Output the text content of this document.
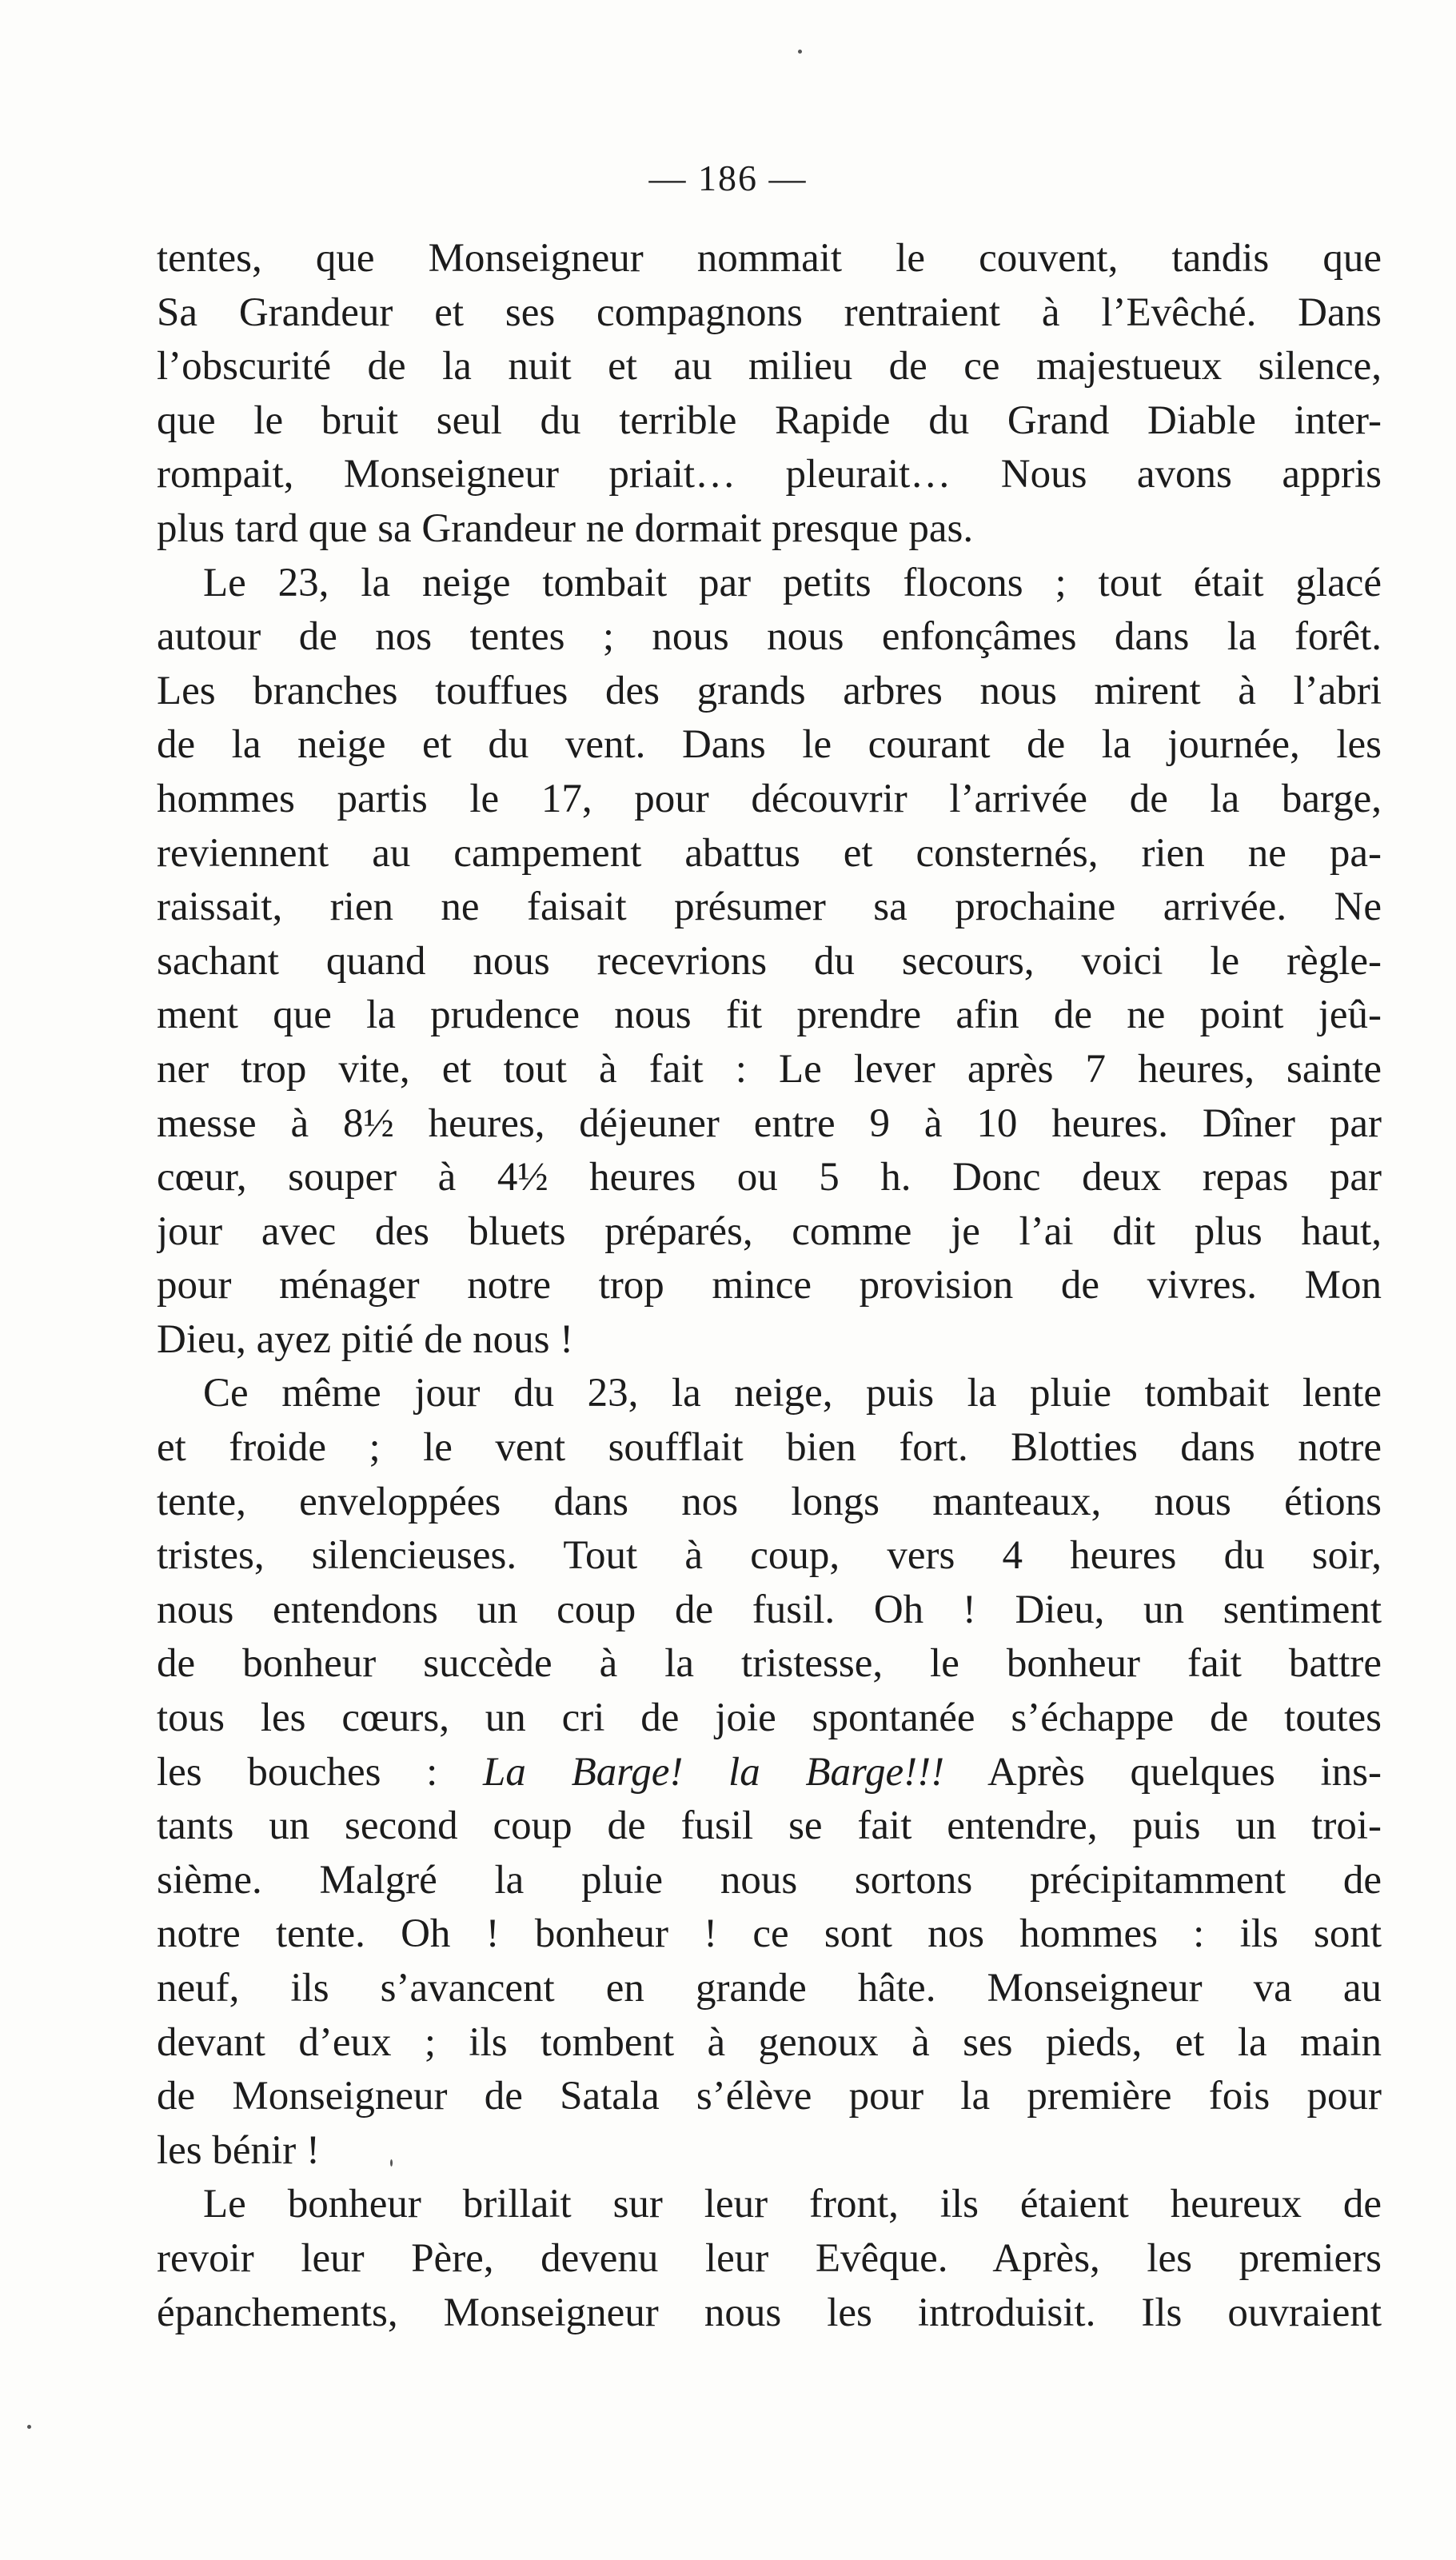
— 186 —
tentes, que Monseigneur nommait le couvent, tandis que
Sa Grandeur et ses compagnons rentraient à l’Evêché. Dans
l’obscurité de la nuit et au milieu de ce majestueux silence,
que le bruit seul du terrible Rapide du Grand Diable inter-
rompait, Monseigneur priait… pleurait… Nous avons appris
plus tard que sa Grandeur ne dormait presque pas.
Le 23, la neige tombait par petits flocons ; tout était glacé
autour de nos tentes ; nous nous enfonçâmes dans la forêt.
Les branches touffues des grands arbres nous mirent à l’abri
de la neige et du vent. Dans le courant de la journée, les
hommes partis le 17, pour découvrir l’arrivée de la barge,
reviennent au campement abattus et consternés, rien ne pa-
raissait, rien ne faisait présumer sa prochaine arrivée. Ne
sachant quand nous recevrions du secours, voici le règle-
ment que la prudence nous fit prendre afin de ne point jeû-
ner trop vite, et tout à fait : Le lever après 7 heures, sainte
messe à 8½ heures, déjeuner entre 9 à 10 heures. Dîner par
cœur, souper à 4½ heures ou 5 h. Donc deux repas par
jour avec des bluets préparés, comme je l’ai dit plus haut,
pour ménager notre trop mince provision de vivres. Mon
Dieu, ayez pitié de nous !
Ce même jour du 23, la neige, puis la pluie tombait lente
et froide ; le vent soufflait bien fort. Blotties dans notre
tente, enveloppées dans nos longs manteaux, nous étions
tristes, silencieuses. Tout à coup, vers 4 heures du soir,
nous entendons un coup de fusil. Oh ! Dieu, un sentiment
de bonheur succède à la tristesse, le bonheur fait battre
tous les cœurs, un cri de joie spontanée s’échappe de toutes
les bouches : La Barge! la Barge!!! Après quelques ins-
tants un second coup de fusil se fait entendre, puis un troi-
sième. Malgré la pluie nous sortons précipitamment de
notre tente. Oh ! bonheur ! ce sont nos hommes : ils sont
neuf, ils s’avancent en grande hâte. Monseigneur va au
devant d’eux ; ils tombent à genoux à ses pieds, et la main
de Monseigneur de Satala s’élève pour la première fois pour
les bénir !
Le bonheur brillait sur leur front, ils étaient heureux de
revoir leur Père, devenu leur Evêque. Après, les premiers
épanchements, Monseigneur nous les introduisit. Ils ouvraient
